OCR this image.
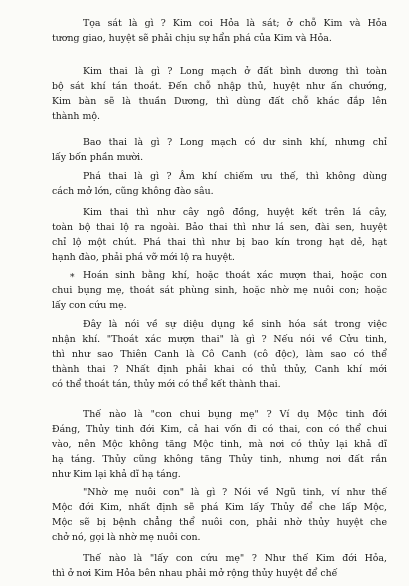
Tọa sát là gì ? Kim coi Hỏa là sát; ở chỗ Kim và Hỏa
tương giao, huyệt sẽ phải chịu sự hẩn phá của Kim và Hỏa.
Kim thai là gì ? Long mạch ở đất bình dương thì toàn
bộ sát khí tán thoát. Đến chỗ nhập thủ, huyệt như ấn chướng,
Kim bàn sẽ là thuần Dương, thì dùng đất chỗ khác đắp lên
thành mộ.
Bao thai là gì ? Long mạch có dư sinh khí, nhưng chỉ
lấy bốn phần mười.
Phá thai là gì ? Âm khí chiếm ưu thế, thì không dùng
cách mở lớn, cũng không đào sâu.
Kim thai thì như cây ngô đồng, huyệt kết trên lá cây,
toàn bộ thai lộ ra ngoài. Bảo thai thì như lá sen, đài sen, huyệt
chỉ lộ một chút. Phá thai thì như bị bao kín trong hạt dẻ, hạt
hạnh đào, phải phá vỡ mới lộ ra huyệt.
* Hoán sinh bằng khí, hoặc thoát xác mượn thai, hoặc con
chui bụng mẹ, thoát sát phùng sinh, hoặc nhờ mẹ nuôi con; hoặc
lấy con cứu mẹ.
Đây là nói về sự diệu dụng kề sinh hóa sát trong việc
nhận khí. "Thoát xác mượn thai" là gì ? Nếu nói về Cửu tinh,
thì như sao Thiên Canh là Cô Canh (cô độc), làm sao có thể
thành thai ? Nhất định phải khai có thủ thủy, Canh khí mới
có thể thoát tán, thủy mới có thể kết thành thai.
Thế nào là "con chui bụng mẹ" ? Ví dụ Mộc tinh đới
Đáng, Thủy tinh đới Kim, cả hai vốn đi có thai, con có thể chui
vào, nên Mộc không tăng Mộc tinh, mà nơi có thủy lại khả dĩ
hạ táng. Thủy cũng không tăng Thủy tinh, nhưng nơi đất rắn
như Kim lại khả dĩ hạ táng.
"Nhờ mẹ nuôi con" là gì ? Nói về Ngũ tinh, ví như thế
Mộc đới Kim, nhất định sẽ phá Kim lấy Thủy để che lấp Mộc,
Mộc sẽ bị bệnh chẳng thể nuôi con, phải nhờ thủy huyệt che
chở nó, gọi là nhờ mẹ nuôi con.
Thế nào là "lấy con cứu mẹ" ? Như thế Kim đới Hỏa,
thì ở nơi Kim Hỏa bên nhau phải mở rộng thủy huyệt để chế
